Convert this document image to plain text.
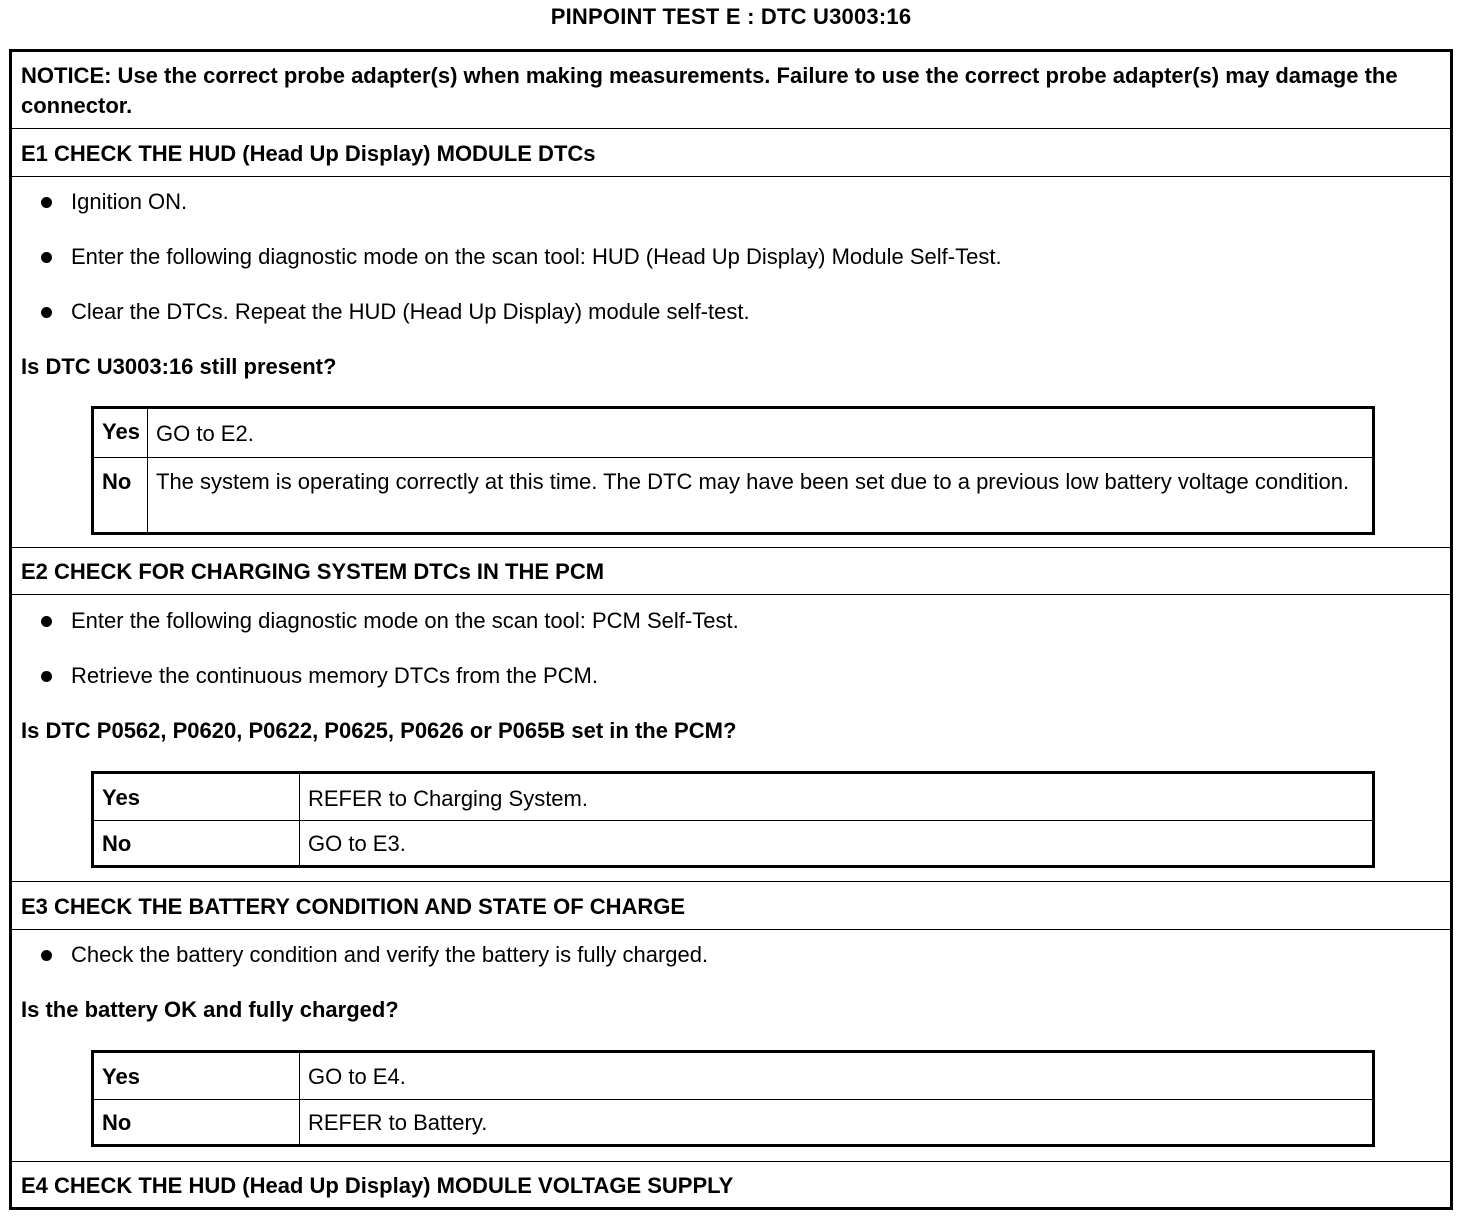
PINPOINT TEST E : DTC U3003:16
NOTICE: Use the correct probe adapter(s) when making measurements. Failure to use the correct probe adapter(s) may damage the connector.
E1 CHECK THE HUD (Head Up Display) MODULE DTCs
Ignition ON.
Enter the following diagnostic mode on the scan tool: HUD (Head Up Display) Module Self-Test.
Clear the DTCs. Repeat the HUD (Head Up Display) module self-test.
Is DTC U3003:16 still present?
Yes	GO to E2.
No	The system is operating correctly at this time. The DTC may have been set due to a previous low battery voltage condition.
E2 CHECK FOR CHARGING SYSTEM DTCs IN THE PCM
Enter the following diagnostic mode on the scan tool: PCM Self-Test.
Retrieve the continuous memory DTCs from the PCM.
Is DTC P0562, P0620, P0622, P0625, P0626 or P065B set in the PCM?
Yes	REFER to Charging System.
No	GO to E3.
E3 CHECK THE BATTERY CONDITION AND STATE OF CHARGE
Check the battery condition and verify the battery is fully charged.
Is the battery OK and fully charged?
Yes	GO to E4.
No	REFER to Battery.
E4 CHECK THE HUD (Head Up Display) MODULE VOLTAGE SUPPLY
